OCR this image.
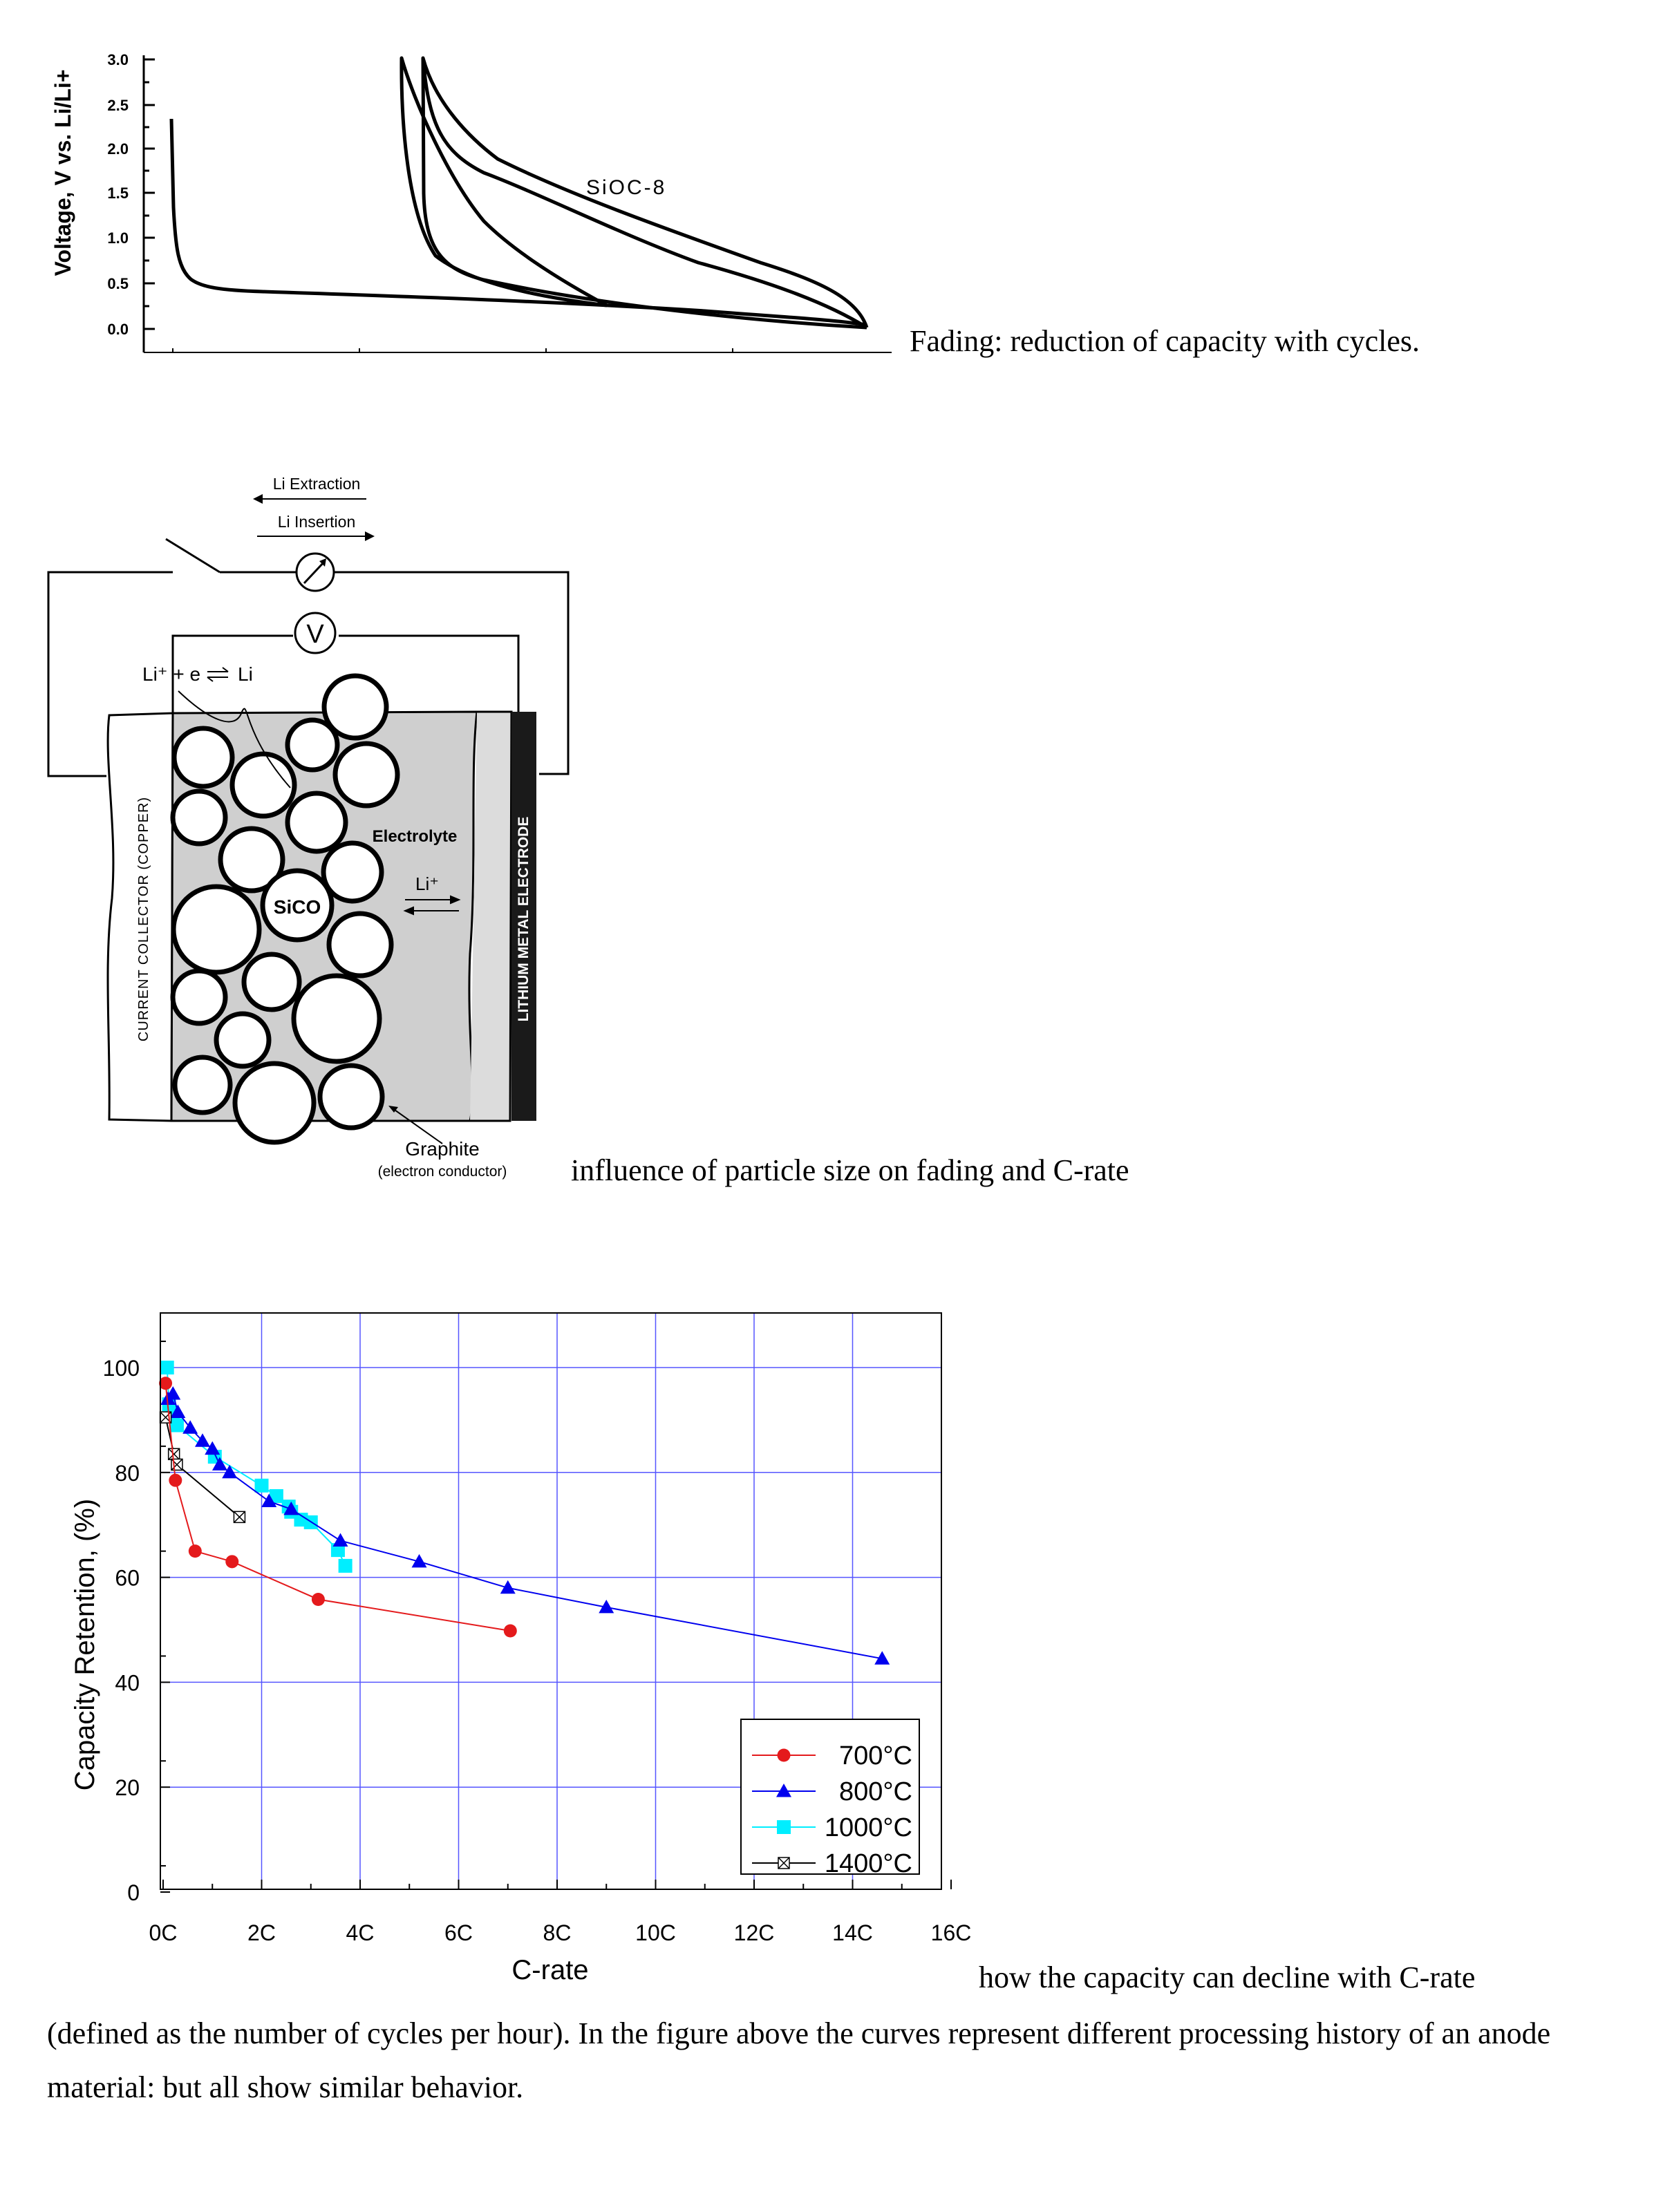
Voltage, V vs. Li/Li+
3.0
2.5
2.0
1.5
1.0
0.5
0.0
SiOC-8
Fading: reduction of capacity with cycles.
Li Extraction
Li Insertion
V
Li⁺ + e Li
CURRENT COLLECTOR (COPPER)	LITHIUM METAL ELECTRODE
SiCO
Electrolyte
Li⁺
Graphite
(electron conductor) influence of particle size on fading and C-rate
0C	2C	4C	6C	8C	10C	12C	14C	16C
0
20
40
60
80
100
Capacity Retention, (%)
C-rate
700°C
800°C
1000°C
1400°C
how the capacity can decline with C-rate
(defined as the number of cycles per hour). In the figure above the curves represent different processing history of an anode
material: but all show similar behavior.
